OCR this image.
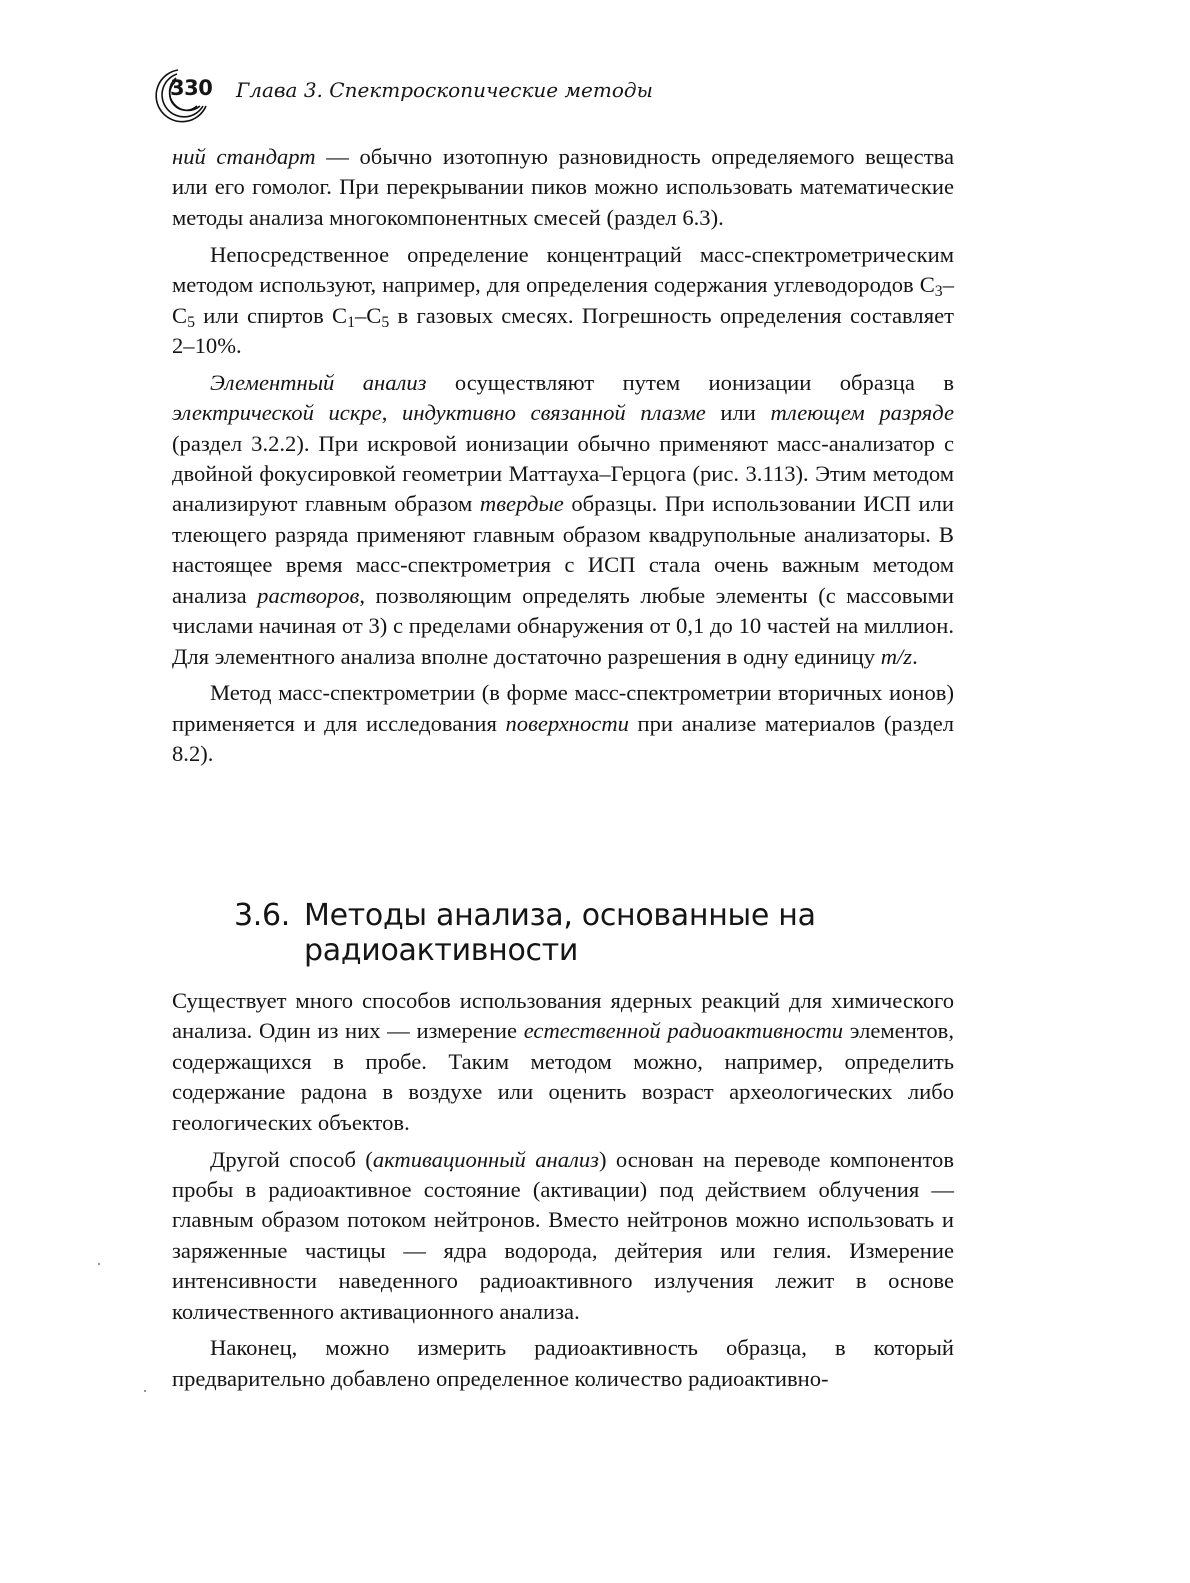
330 Глава 3. Спектроскопические методы

ний стандарт — обычно изотопную разновидность определяемого вещества или его гомолог. При перекрывании пиков можно использовать математические методы анализа многокомпонентных смесей (раздел 6.3).

Непосредственное определение концентраций масс-спектрометрическим методом используют, например, для определения содержания углеводородов $C_3-C_5$ или спиртов $C_1-C_5$ в газовых смесях. Погрешность определения составляет 2–10%.

Элементный анализ осуществляют путем ионизации образца в электрической искре, индуктивно связанной плазме или тлеющем разряде (раздел 3.2.2). При искровой ионизации обычно применяют масс-анализатор с двойной фокусировкой геометрии Маттауха–Герцога (рис. 3.113). Этим методом анализируют главным образом твердые образцы. При использовании ИСП или тлеющего разряда применяют главным образом квадрупольные анализаторы. В настоящее время масс-спектрометрия с ИСП стала очень важным методом анализа растворов, позволяющим определять любые элементы (с массовыми числами начиная от 3) с пределами обнаружения от 0,1 до 10 частей на миллион. Для элементного анализа вполне достаточно разрешения в одну единицу m/z.

Метод масс-спектрометрии (в форме масс-спектрометрии вторичных ионов) применяется и для исследования поверхности при анализе материалов (раздел 8.2).

3.6. Методы анализа, основанные на
радиоактивности

Существует много способов использования ядерных реакций для химического анализа. Один из них — измерение естественной радиоактивности элементов, содержащихся в пробе. Таким методом можно, например, определить содержание радона в воздухе или оценить возраст археологических либо геологических объектов.

Другой способ (активационный анализ) основан на переводе компонентов пробы в радиоактивное состояние (активации) под действием облучения — главным образом потоком нейтронов. Вместо нейтронов можно использовать и заряженные частицы — ядра водорода, дейтерия или гелия. Измерение интенсивности наведенного радиоактивного излучения лежит в основе количественного активационного анализа.

Наконец, можно измерить радиоактивность образца, в который предварительно добавлено определенное количество радиоактивно-
